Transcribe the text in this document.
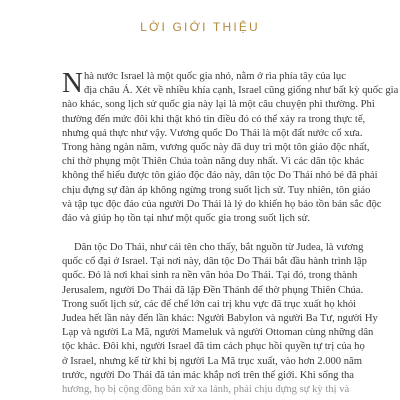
LỜI GIỚI THIỆU
N hà nước Israel là một quốc gia nhỏ, nằm ở rìa phía tây của lục
địa châu Á. Xét về nhiều khía cạnh, Israel cũng giống như bất kỳ quốc gia
nào khác, song lịch sử quốc gia này lại là một câu chuyện phi thường. Phi
thường đến mức đôi khi thật khó tin điều đó có thể xảy ra trong thực tế,
nhưng quả thực như vậy. Vương quốc Do Thái là một đất nước cổ xưa.
Trong hàng ngàn năm, vương quốc này đã duy trì một tôn giáo độc nhất,
chỉ thờ phụng một Thiên Chúa toàn năng duy nhất. Vì các dân tộc khác
không thể hiểu được tôn giáo độc đáo này, dân tộc Do Thái nhỏ bé đã phải
chịu đựng sự đàn áp không ngừng trong suốt lịch sử. Tuy nhiên, tôn giáo
và tập tục độc đáo của người Do Thái là lý do khiến họ bảo tồn bản sắc độc
đáo và giúp họ tồn tại như một quốc gia trong suốt lịch sử.
Dân tộc Do Thái, như cái tên cho thấy, bắt nguồn từ Judea, là vương
quốc cổ đại ở Israel. Tại nơi này, dân tộc Do Thái bắt đầu hành trình lập
quốc. Đó là nơi khai sinh ra nền văn hóa Do Thái. Tại đó, trong thành
Jerusalem, người Do Thái đã lập Đền Thánh để thờ phụng Thiên Chúa.
Trong suốt lịch sử, các đế chế lớn cai trị khu vực đã trục xuất họ khỏi
Judea hết lần này đến lần khác: Người Babylon và người Ba Tư, người Hy
Lạp và người La Mã, người Mameluk và người Ottoman cùng những dân
tộc khác. Đôi khi, người Israel đã tìm cách phục hồi quyền tự trị của họ
ở Israel, nhưng kể từ khi bị người La Mã trục xuất, vào hơn 2.000 năm
trước, người Do Thái đã tản mác khắp nơi trên thế giới. Khi sống tha
hương, họ bị cộng đồng bản xứ xa lánh, phải chịu đựng sự kỳ thị và
